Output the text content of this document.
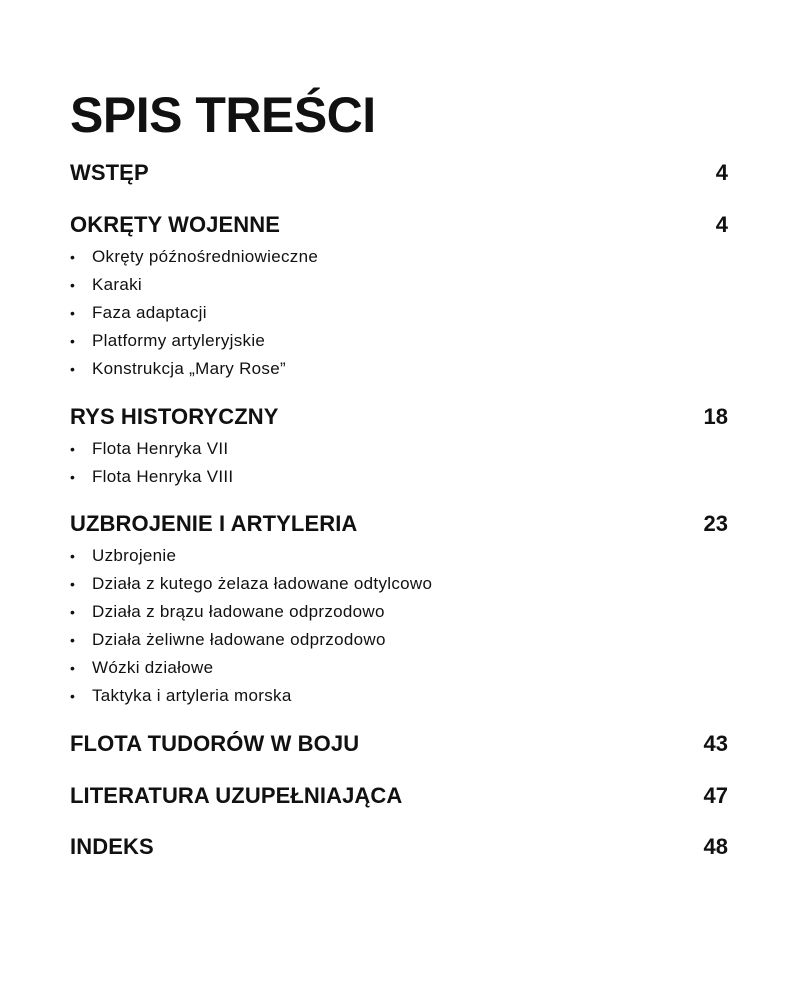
SPIS TREŚCI
WSTĘP	4
OKRĘTY WOJENNE	4
• Okręty późnośredniowieczne
• Karaki
• Faza adaptacji
• Platformy artyleryjskie
• Konstrukcja „Mary Rose”
RYS HISTORYCZNY	18
• Flota Henryka VII
• Flota Henryka VIII
UZBROJENIE I ARTYLERIA	23
• Uzbrojenie
• Działa z kutego żelaza ładowane odtylcowo
• Działa z brązu ładowane odprzodowo
• Działa żeliwne ładowane odprzodowo
• Wózki działowe
• Taktyka i artyleria morska
FLOTA TUDORÓW W BOJU	43
LITERATURA UZUPEŁNIAJĄCA	47
INDEKS	48
